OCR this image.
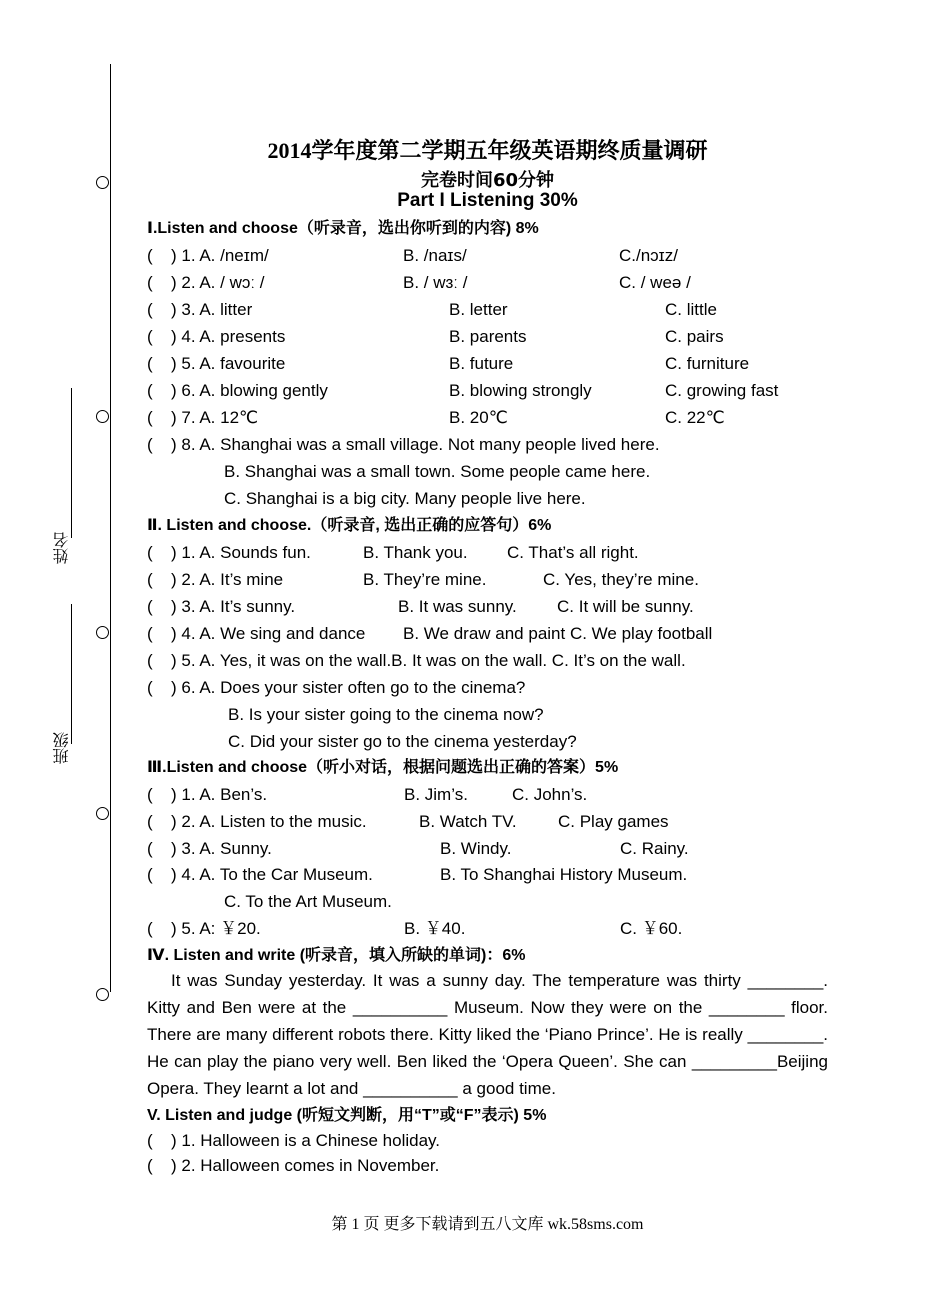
姓名
班级
2014学年度第二学期五年级英语期终质量调研
完卷时间60分钟
Part I Listening 30%
Ⅰ.Listen and choose（听录音，选出你听到的内容) 8%
( ) 1. A. /neɪm/	B. /naɪs/	C./nɔɪz/
( ) 2. A. / wɔː /	B. / wɜː /	C. / weə /
( ) 3. A. litter	B. letter	C. little
( ) 4. A. presents	B. parents	C. pairs
( ) 5. A. favourite	B. future	C. furniture
( ) 6. A. blowing gently	B. blowing strongly	C. growing fast
( ) 7. A. 12℃	B. 20℃	C. 22℃
( ) 8. A. Shanghai was a small village. Not many people lived here.
B. Shanghai was a small town. Some people came here.
C. Shanghai is a big city. Many people live here.
Ⅱ. Listen and choose.（听录音, 选出正确的应答句）6%
( ) 1. A. Sounds fun.	B. Thank you. C. That’s all right.
( ) 2. A. It’s mine	B. They’re mine.	C. Yes, they’re mine.
( ) 3. A. It’s sunny.	B. It was sunny. C. It will be sunny.
( ) 4. A. We sing and dance B. We draw and paint C. We play football
( ) 5. A. Yes, it was on the wall.B. It was on the wall. C. It’s on the wall.
( ) 6. A. Does your sister often go to the cinema?
B. Is your sister going to the cinema now?
C. Did your sister go to the cinema yesterday?
Ⅲ.Listen and choose（听小对话，根据问题选出正确的答案）5%
( ) 1. A. Ben’s.	B. Jim’s.	C. John’s.
( ) 2. A. Listen to the music.	B. Watch TV. C. Play games
( ) 3. A. Sunny.	B. Windy.	C. Rainy.
( ) 4. A. To the Car Museum.	B. To Shanghai History Museum.
C. To the Art Museum.
( ) 5. A: ￥20.	B. ￥40.	C. ￥60.
Ⅳ. Listen and write (听录音，填入所缺的单词)：6%
It was Sunday yesterday. It was a sunny day. The temperature was thirty ________. Kitty and Ben were at the __________ Museum. Now they were on the ________ floor. There are many different robots there. Kitty liked the ‘Piano Prince’. He is really ________. He can play the piano very well. Ben liked the ‘Opera Queen’. She can _________Beijing Opera. They learnt a lot and __________ a good time.
V. Listen and judge (听短文判断，用“T”或“F”表示) 5%
( ) 1. Halloween is a Chinese holiday.
( ) 2. Halloween comes in November.
第 1 页 更多下载请到五八文库 wk.58sms.com
